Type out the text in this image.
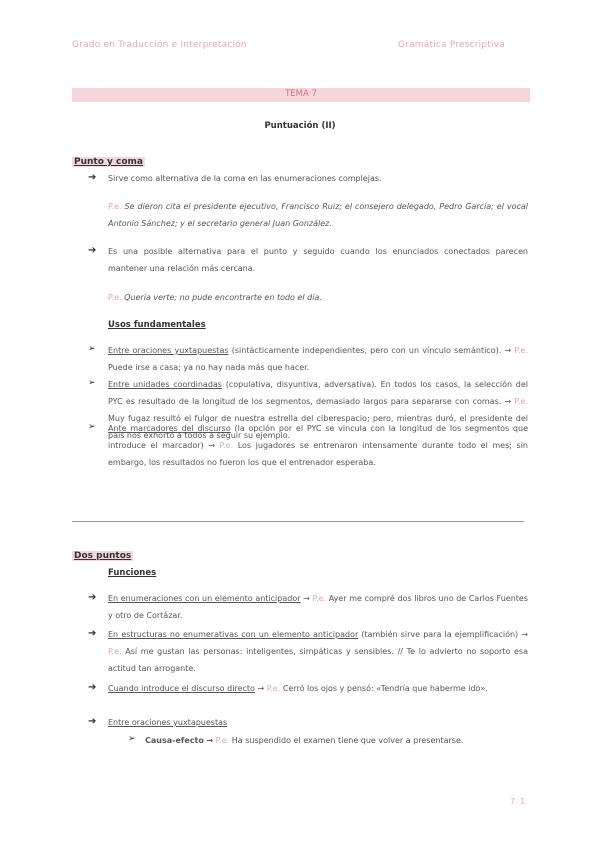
Grado en Traducción e Interpretación	Gramática Prescriptiva
TEMA 7
Puntuación (II)
Punto y coma
➔ Sirve como alternativa de la coma en las enumeraciones complejas.
P.e. Se dieron cita el presidente ejecutivo, Francisco Ruiz; el consejero delegado, Pedro García; el vocal Antonio Sánchez; y el secretario general Juan González.
➔ Es una posible alternativa para el punto y seguido cuando los enunciados conectados parecen mantener una relación más cercana.
P.e. Quería verte; no pude encontrarte en todo el día.
Usos fundamentales
➢ Entre oraciones yuxtapuestas (sintácticamente independientes, pero con un vínculo semántico). → P.e. Puede irse a casa; ya no hay nada más que hacer.
➢ Entre unidades coordinadas (copulativa, disyuntiva, adversativa). En todos los casos, la selección del PYC es resultado de la longitud de los segmentos, demasiado largos para separarse con comas. → P.e. Muy fugaz resultó el fulgor de nuestra estrella del ciberespacio; pero, mientras duró, el presidente del país nos exhortó a todos a seguir su ejemplo.
➢ Ante marcadores del discurso (la opción por el PYC se vincula con la longitud de los segmentos que introduce el marcador) → P.e. Los jugadores se entrenaron intensamente durante todo el mes; sin embargo, los resultados no fueron los que el entrenador esperaba.
Dos puntos
Funciones
➔ En enumeraciones con un elemento anticipador → P.e. Ayer me compré dos libros uno de Carlos Fuentes y otro de Cortázar.
➔ En estructuras no enumerativas con un elemento anticipador (también sirve para la ejemplificación) → P.e. Así me gustan las personas: inteligentes, simpáticas y sensibles. // Te lo advierto no soporto esa actitud tan arrogante.
➔ Cuando introduce el discurso directo → P.e. Cerró los ojos y pensó: «Tendría que haberme ido».
➔ Entre oraciones yuxtapuestas
➢ Causa-efecto → P.e. Ha suspendido el examen tiene que volver a presentarse.
7. 1
